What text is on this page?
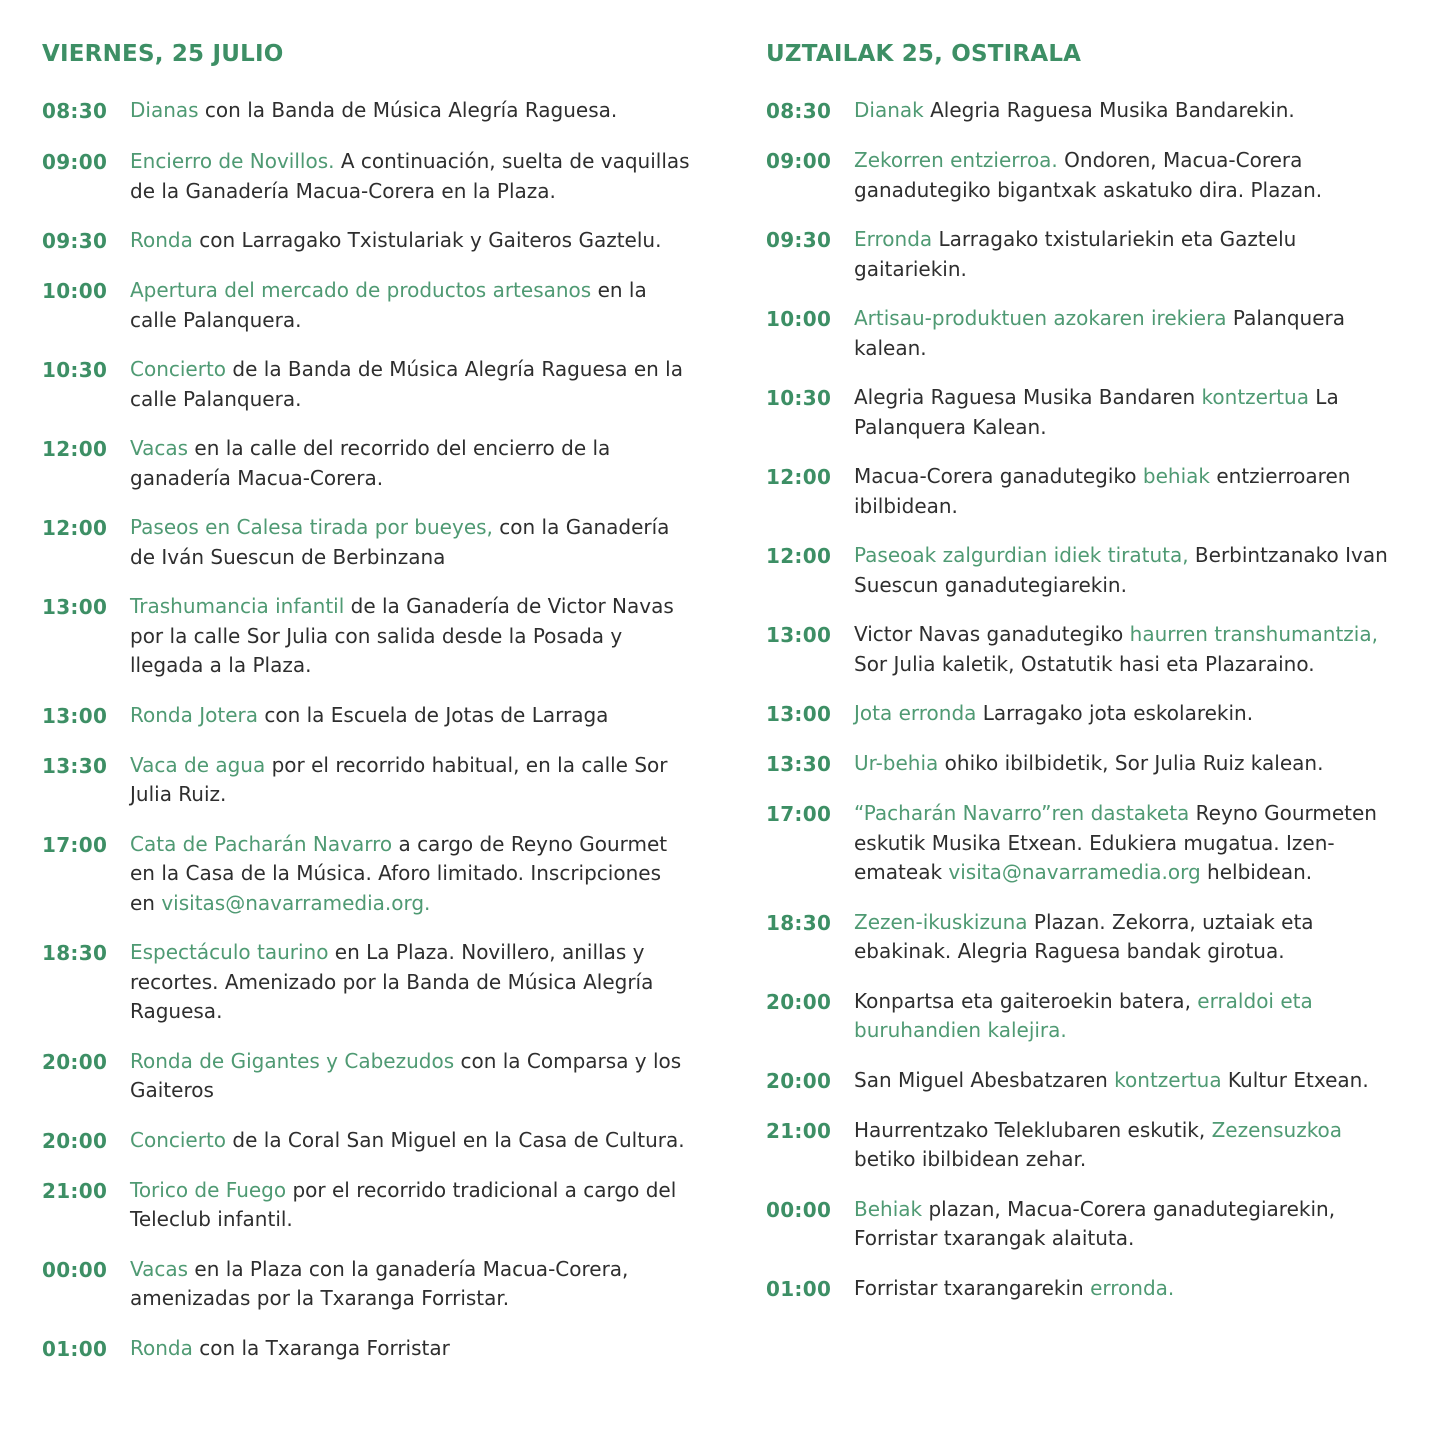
VIERNES, 25 JULIO
08:30	Dianas con la Banda de Música Alegría Raguesa.
09:00	Encierro de Novillos. A continuación, suelta de vaquillas de la Ganadería Macua-Corera en la Plaza.
09:30	Ronda con Larragako Txistulariak y Gaiteros Gaztelu.
10:00	Apertura del mercado de productos artesanos en la calle Palanquera.
10:30	Concierto de la Banda de Música Alegría Raguesa en la calle Palanquera.
12:00	Vacas en la calle del recorrido del encierro de la ganadería Macua-Corera.
12:00	Paseos en Calesa tirada por bueyes, con la Ganadería de Iván Suescun de Berbinzana
13:00	Trashumancia infantil de la Ganadería de Victor Navas por la calle Sor Julia con salida desde la Posada y llegada a la Plaza.
13:00	Ronda Jotera con la Escuela de Jotas de Larraga
13:30	Vaca de agua por el recorrido habitual, en la calle Sor Julia Ruiz.
17:00	Cata de Pacharán Navarro a cargo de Reyno Gourmet en la Casa de la Música. Aforo limitado. Inscripciones en visitas@navarramedia.org.
18:30	Espectáculo taurino en La Plaza. Novillero, anillas y recortes. Amenizado por la Banda de Música Alegría Raguesa.
20:00	Ronda de Gigantes y Cabezudos con la Comparsa y los Gaiteros
20:00	Concierto de la Coral San Miguel en la Casa de Cultura.
21:00	Torico de Fuego por el recorrido tradicional a cargo del Teleclub infantil.
00:00	Vacas en la Plaza con la ganadería Macua-Corera, amenizadas por la Txaranga Forristar.
01:00	Ronda con la Txaranga Forristar
UZTAILAK 25, OSTIRALA
08:30	Dianak Alegria Raguesa Musika Bandarekin.
09:00	Zekorren entzierroa. Ondoren, Macua-Corera ganadutegiko bigantxak askatuko dira. Plazan.
09:30	Erronda Larragako txistulariekin eta Gaztelu gaitariekin.
10:00	Artisau-produktuen azokaren irekiera Palanquera kalean.
10:30	Alegria Raguesa Musika Bandaren kontzertua La Palanquera Kalean.
12:00	Macua-Corera ganadutegiko behiak entzierroaren ibilbidean.
12:00	Paseoak zalgurdian idiek tiratuta, Berbintzanako Ivan Suescun ganadutegiarekin.
13:00	Victor Navas ganadutegiko haurren transhumantzia, Sor Julia kaletik, Ostatutik hasi eta Plazaraino.
13:00	Jota erronda Larragako jota eskolarekin.
13:30	Ur-behia ohiko ibilbidetik, Sor Julia Ruiz kalean.
17:00	“Pacharán Navarro”ren dastaketa Reyno Gourmeten eskutik Musika Etxean. Edukiera mugatua. Izen-emateak visita@navarramedia.org helbidean.
18:30	Zezen-ikuskizuna Plazan. Zekorra, uztaiak eta ebakinak. Alegria Raguesa bandak girotua.
20:00	Konpartsa eta gaiteroekin batera, erraldoi eta buruhandien kalejira.
20:00	San Miguel Abesbatzaren kontzertua Kultur Etxean.
21:00	Haurrentzako Teleklubaren eskutik, Zezensuzkoa betiko ibilbidean zehar.
00:00	Behiak plazan, Macua-Corera ganadutegiarekin, Forristar txarangak alaituta.
01:00	Forristar txarangarekin erronda.
